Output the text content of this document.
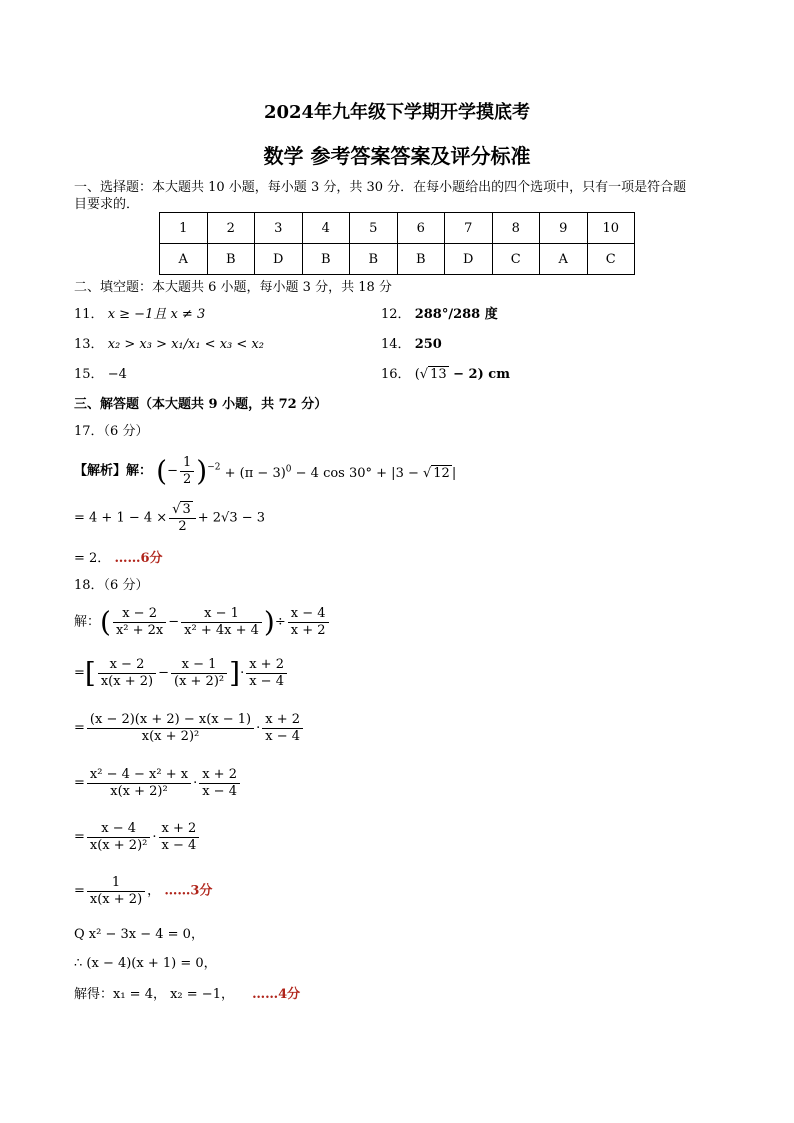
2024年九年级下学期开学摸底考
数学 参考答案答案及评分标准
一、选择题：本大题共 10 小题，每小题 3 分，共 30 分．在每小题给出的四个选项中，只有一项是符合题
目要求的．
1	2	3	4	5	6	7	8	9	10
A	B	D	B	B	B	D	C	A	C
二、填空题：本大题共 6 小题，每小题 3 分，共 18 分
11． x ≥ −1且 x ≠ 3	12． 288°/288 度
13． x₂ > x₃ > x₁/x₁ < x₃ < x₂	14． 250
15． −4	16． (√ 13 − 2) cm
三、解答题（本大题共 9 小题，共 72 分）
17．（6 分）
【解析】解： (− $\frac{1}{2} )^{-2} + (\pi - 3)^0 - 4$ cos 30° + |3 − √ 12 |
= $4 + 1 - 4 \times \frac{√ 3}{2} + 2√3 - 3$
= 2． ……6分
18．（6 分）
解：( $\frac{x - 2}{\text{x² + 2x}} - \frac{x - 1}{\text{x² + 4x + 4}}$ )÷ $\frac{x - 4}{x + 2}$
=[ $\frac{x - 2}{x(x + 2)} - \frac{x - 1}{\text{(x + 2)²}}$ ]· $\frac{x + 2}{x - 4}$
= $\frac{(x - 2)(x + 2) - x(x - 1)}{\text{x(x + 2)²}} \cdot \frac{x + 2}{x - 4}$
= $\frac{\text{x² − 4 − x² + x}}{\text{x(x + 2)²}} \cdot \frac{x + 2}{x - 4}$
= $\frac{x - 4}{\text{x(x + 2)²}} \cdot \frac{x + 2}{x - 4}$
= $\frac{1}{x(x + 2)}$ ， ……3分
Q x² − 3x − 4 = 0，
∴ (x − 4)(x + 1) = 0，
解得：x₁ = 4， x₂ = −1， ……4分
